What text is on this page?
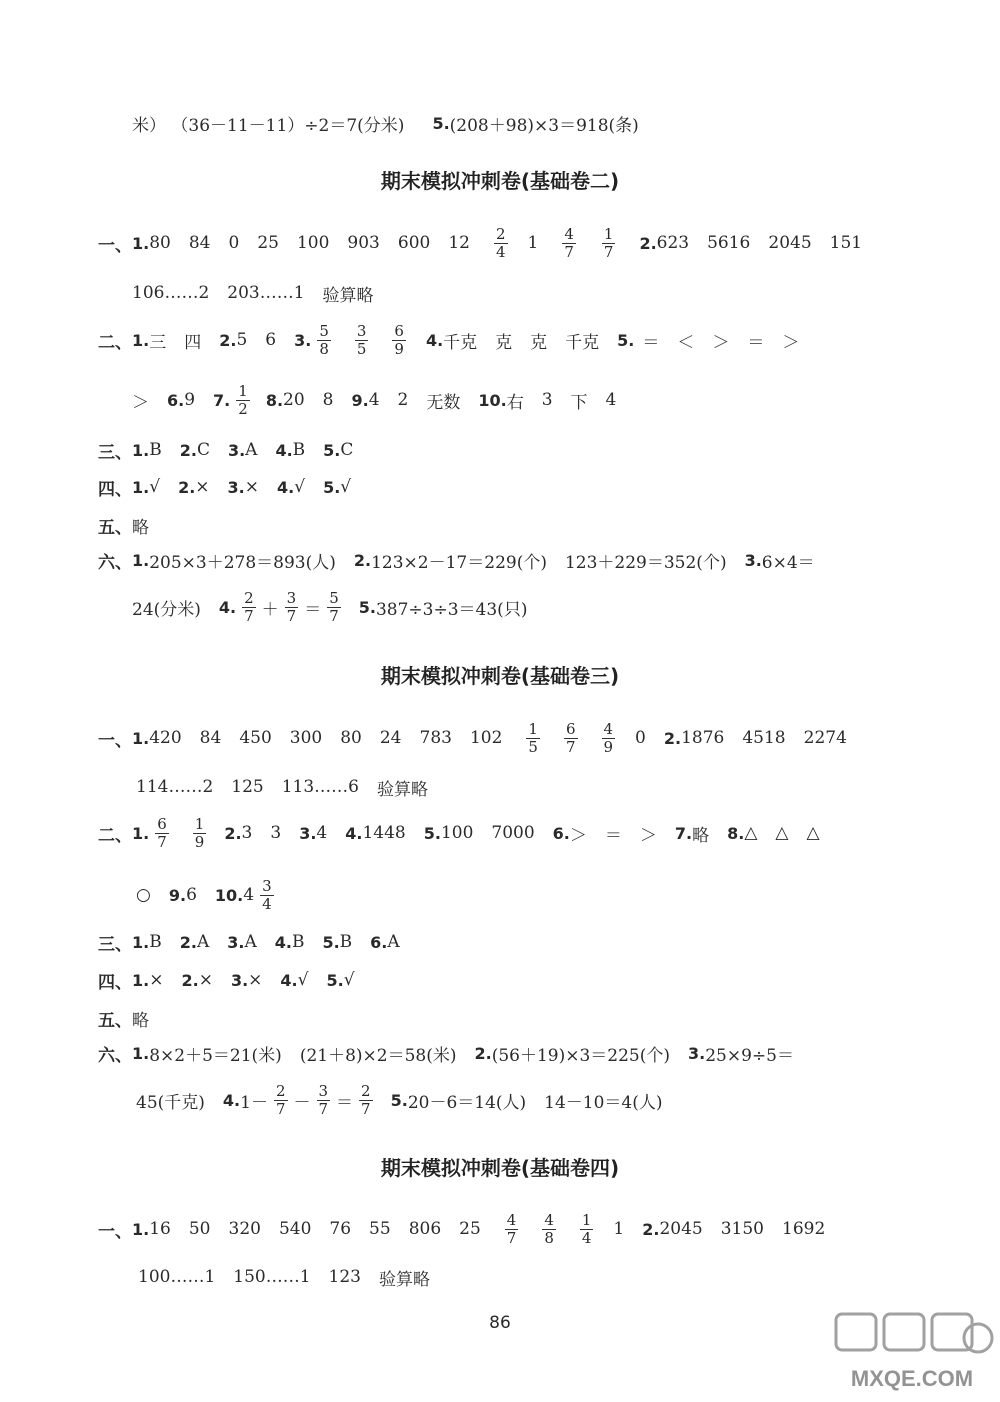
米） （36－11－11）÷2＝7(分米) 5. (208＋98)×3＝918(条)
期末模拟冲刺卷(基础卷二)
一、 1. 80 84 0 25 100 903 600 $12 \frac{2}{4} 1 \frac{4}{7} \frac{1}{7} 2$. 623 5616 2045 151
106……2 203……1 验算略
二、 1. 三 四 2. 5 6 3. $\frac{5}{8} \frac{3}{5} \frac{6}{9} 4$. 千克 克 克 千克 5. ＝ ＜ ＞ ＝ ＞
＞ 6. 9 7. $\frac{1}{2} 8$. 20 8 9. 4 2 无数 10. 右 3 下 4
三、 1. B 2. C 3. A 4. B 5. C
四、 1. √ 2. × 3. × 4. √ 5. √
五、 略
六、 1. 205×3＋278＝893(人) 2. 123×2－17＝229(个) 123＋229＝352(个) 3. 6×4＝
24(分米) 4. $\frac{2}{7} + \frac{3}{7} = \frac{5}{7} 5$. 387÷3÷3＝43(只)
期末模拟冲刺卷(基础卷三)
一、 1. 420 84 450 300 80 24 783 $102 \frac{1}{5} \frac{6}{7} \frac{4}{9} 0$ 2. 1876 4518 2274
114……2 125 113……6 验算略
二、 1. $\frac{6}{7} \frac{1}{9} 2$. 3 3 3. 4 4. 1448 5. 100 7000 6. ＞ ＝ ＞ 7. 略 8. △ △ △
○ 9. 6 10. $4 \frac{3}{4}$
三、 1. B 2. A 3. A 4. B 5. B 6. A
四、 1. × 2. × 3. × 4. √ 5. √
五、 略
六、 1. 8×2＋5＝21(米) (21＋8)×2＝58(米) 2. (56＋19)×3＝225(个) 3. 25×9÷5＝
45(千克) 4. $1- \frac{2}{7} - \frac{3}{7} = \frac{2}{7} 5$. 20－6＝14(人) 14－10＝4(人)
期末模拟冲刺卷(基础卷四)
一、 1. 16 50 320 540 76 55 806 $25 \frac{4}{7} \frac{4}{8} \frac{1}{4} 1$ 2. 2045 3150 1692
100……1 150……1 123 验算略
86
MXQE.COM
